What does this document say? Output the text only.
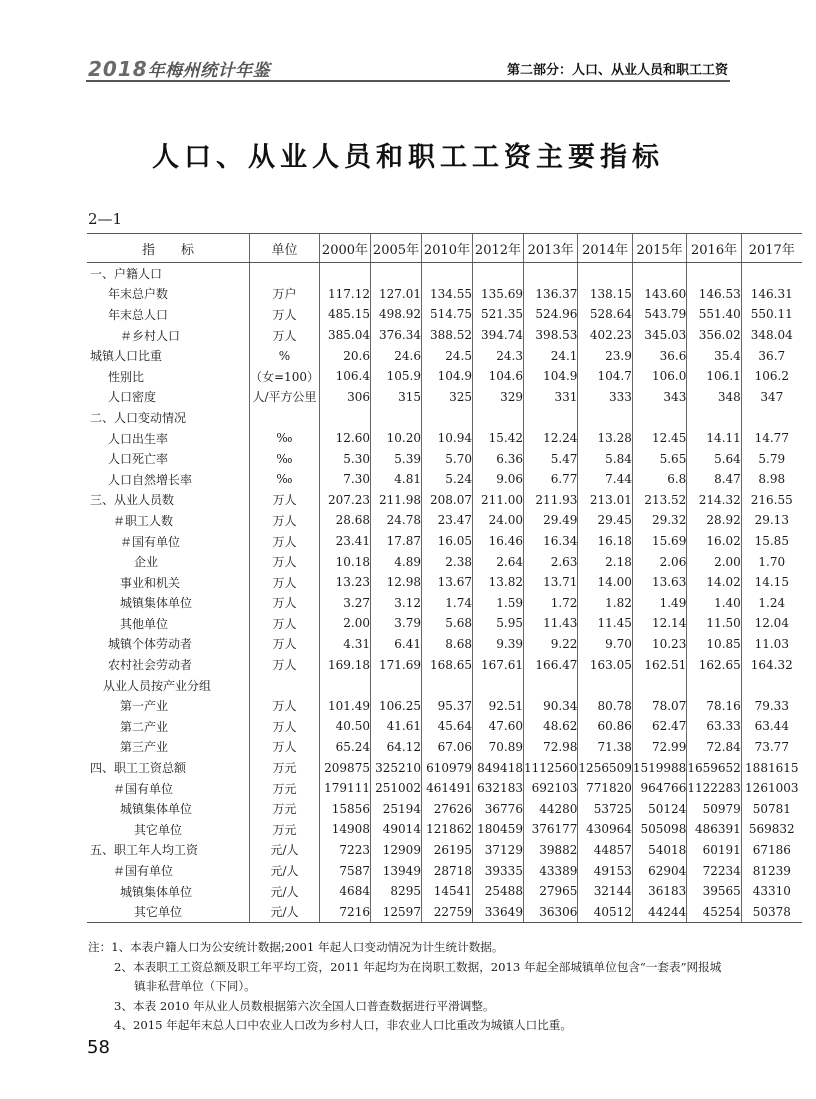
2018年梅州统计年鉴	第二部分：人口、从业人员和职工工资
人口、从业人员和职工工资主要指标
2—1
指　　标	单位	2000年	2005年	2010年	2012年	2013年	2014年	2015年	2016年	2017年
一、户籍人口										
年末总户数	万户	117.12	127.01	134.55	135.69	136.37	138.15	143.60	146.53	146.31
年末总人口	万人	485.15	498.92	514.75	521.35	524.96	528.64	543.79	551.40	550.11
＃乡村人口	万人	385.04	376.34	388.52	394.74	398.53	402.23	345.03	356.02	348.04
城镇人口比重	%	20.6	24.6	24.5	24.3	24.1	23.9	36.6	35.4	36.7
性别比	（女=100）	106.4	105.9	104.9	104.6	104.9	104.7	106.0	106.1	106.2
人口密度	人/平方公里	306	315	325	329	331	333	343	348	347
二、人口变动情况										
人口出生率	‰	12.60	10.20	10.94	15.42	12.24	13.28	12.45	14.11	14.77
人口死亡率	‰	5.30	5.39	5.70	6.36	5.47	5.84	5.65	5.64	5.79
人口自然增长率	‰	7.30	4.81	5.24	9.06	6.77	7.44	6.8	8.47	8.98
三、从业人员数	万人	207.23	211.98	208.07	211.00	211.93	213.01	213.52	214.32	216.55
＃职工人数	万人	28.68	24.78	23.47	24.00	29.49	29.45	29.32	28.92	29.13
＃国有单位	万人	23.41	17.87	16.05	16.46	16.34	16.18	15.69	16.02	15.85
企业	万人	10.18	4.89	2.38	2.64	2.63	2.18	2.06	2.00	1.70
事业和机关	万人	13.23	12.98	13.67	13.82	13.71	14.00	13.63	14.02	14.15
城镇集体单位	万人	3.27	3.12	1.74	1.59	1.72	1.82	1.49	1.40	1.24
其他单位	万人	2.00	3.79	5.68	5.95	11.43	11.45	12.14	11.50	12.04
城镇个体劳动者	万人	4.31	6.41	8.68	9.39	9.22	9.70	10.23	10.85	11.03
农村社会劳动者	万人	169.18	171.69	168.65	167.61	166.47	163.05	162.51	162.65	164.32
从业人员按产业分组										
第一产业	万人	101.49	106.25	95.37	92.51	90.34	80.78	78.07	78.16	79.33
第二产业	万人	40.50	41.61	45.64	47.60	48.62	60.86	62.47	63.33	63.44
第三产业	万人	65.24	64.12	67.06	70.89	72.98	71.38	72.99	72.84	73.77
四、职工工资总额	万元	209875	325210	610979	849418	1112560	1256509	1519988	1659652	1881615
＃国有单位	万元	179111	251002	461491	632183	692103	771820	964766	1122283	1261003
城镇集体单位	万元	15856	25194	27626	36776	44280	53725	50124	50979	50781
其它单位	万元	14908	49014	121862	180459	376177	430964	505098	486391	569832
五、职工年人均工资	元/人	7223	12909	26195	37129	39882	44857	54018	60191	67186
＃国有单位	元/人	7587	13949	28718	39335	43389	49153	62904	72234	81239
城镇集体单位	元/人	4684	8295	14541	25488	27965	32144	36183	39565	43310
其它单位	元/人	7216	12597	22759	33649	36306	40512	44244	45254	50378
注：1、本表户籍人口为公安统计数据;2001 年起人口变动情况为计生统计数据。
2、本表职工工资总额及职工年平均工资，2011 年起均为在岗职工数据，2013 年起全部城镇单位包含“一套表”网报城
镇非私营单位（下同）。
3、本表 2010 年从业人员数根据第六次全国人口普查数据进行平滑调整。
4、2015 年起年末总人口中农业人口改为乡村人口，非农业人口比重改为城镇人口比重。
58
